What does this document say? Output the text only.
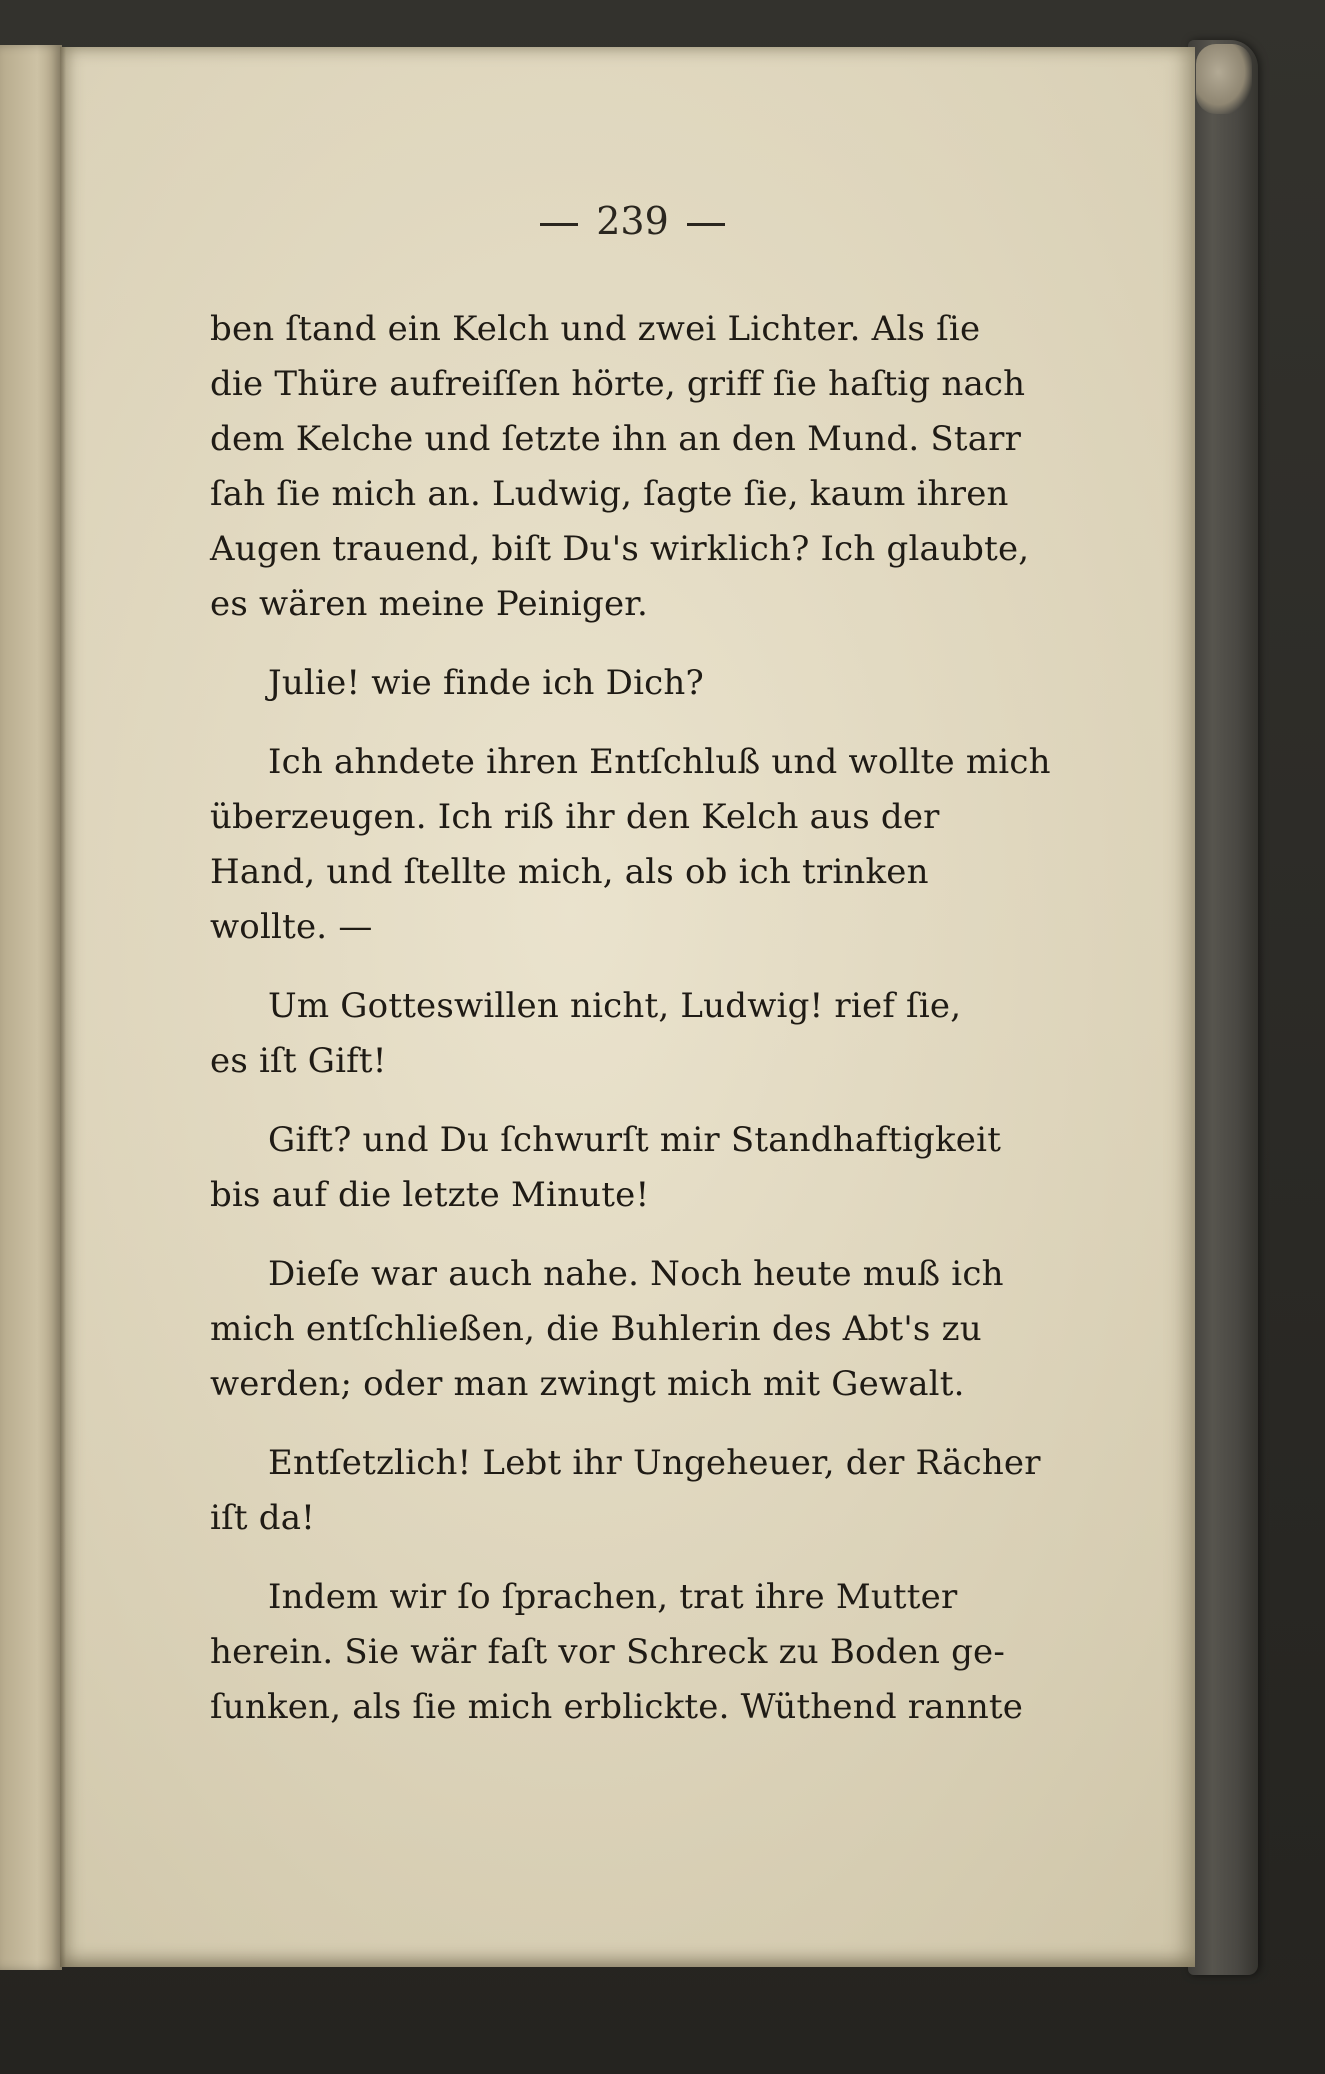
239
ben ſtand ein Kelch und zwei Lichter. Als ſie
die Thüre aufreiſſen hörte, griff ſie haſtig nach
dem Kelche und ſetzte ihn an den Mund. Starr
ſah ſie mich an. Ludwig, ſagte ſie, kaum ihren
Augen trauend, biſt Du's wirklich? Ich glaubte,
es wären meine Peiniger.
Julie! wie finde ich Dich?
Ich ahndete ihren Entſchluß und wollte mich
überzeugen. Ich riß ihr den Kelch aus der
Hand, und ſtellte mich, als ob ich trinken
wollte. —
Um Gotteswillen nicht, Ludwig! rief ſie,
es iſt Gift!
Gift? und Du ſchwurſt mir Standhaftigkeit
bis auf die letzte Minute!
Dieſe war auch nahe. Noch heute muß ich
mich entſchließen, die Buhlerin des Abt's zu
werden; oder man zwingt mich mit Gewalt.
Entſetzlich! Lebt ihr Ungeheuer, der Rächer
iſt da!
Indem wir ſo ſprachen, trat ihre Mutter
herein. Sie wär faſt vor Schreck zu Boden ge-
ſunken, als ſie mich erblickte. Wüthend rannte
